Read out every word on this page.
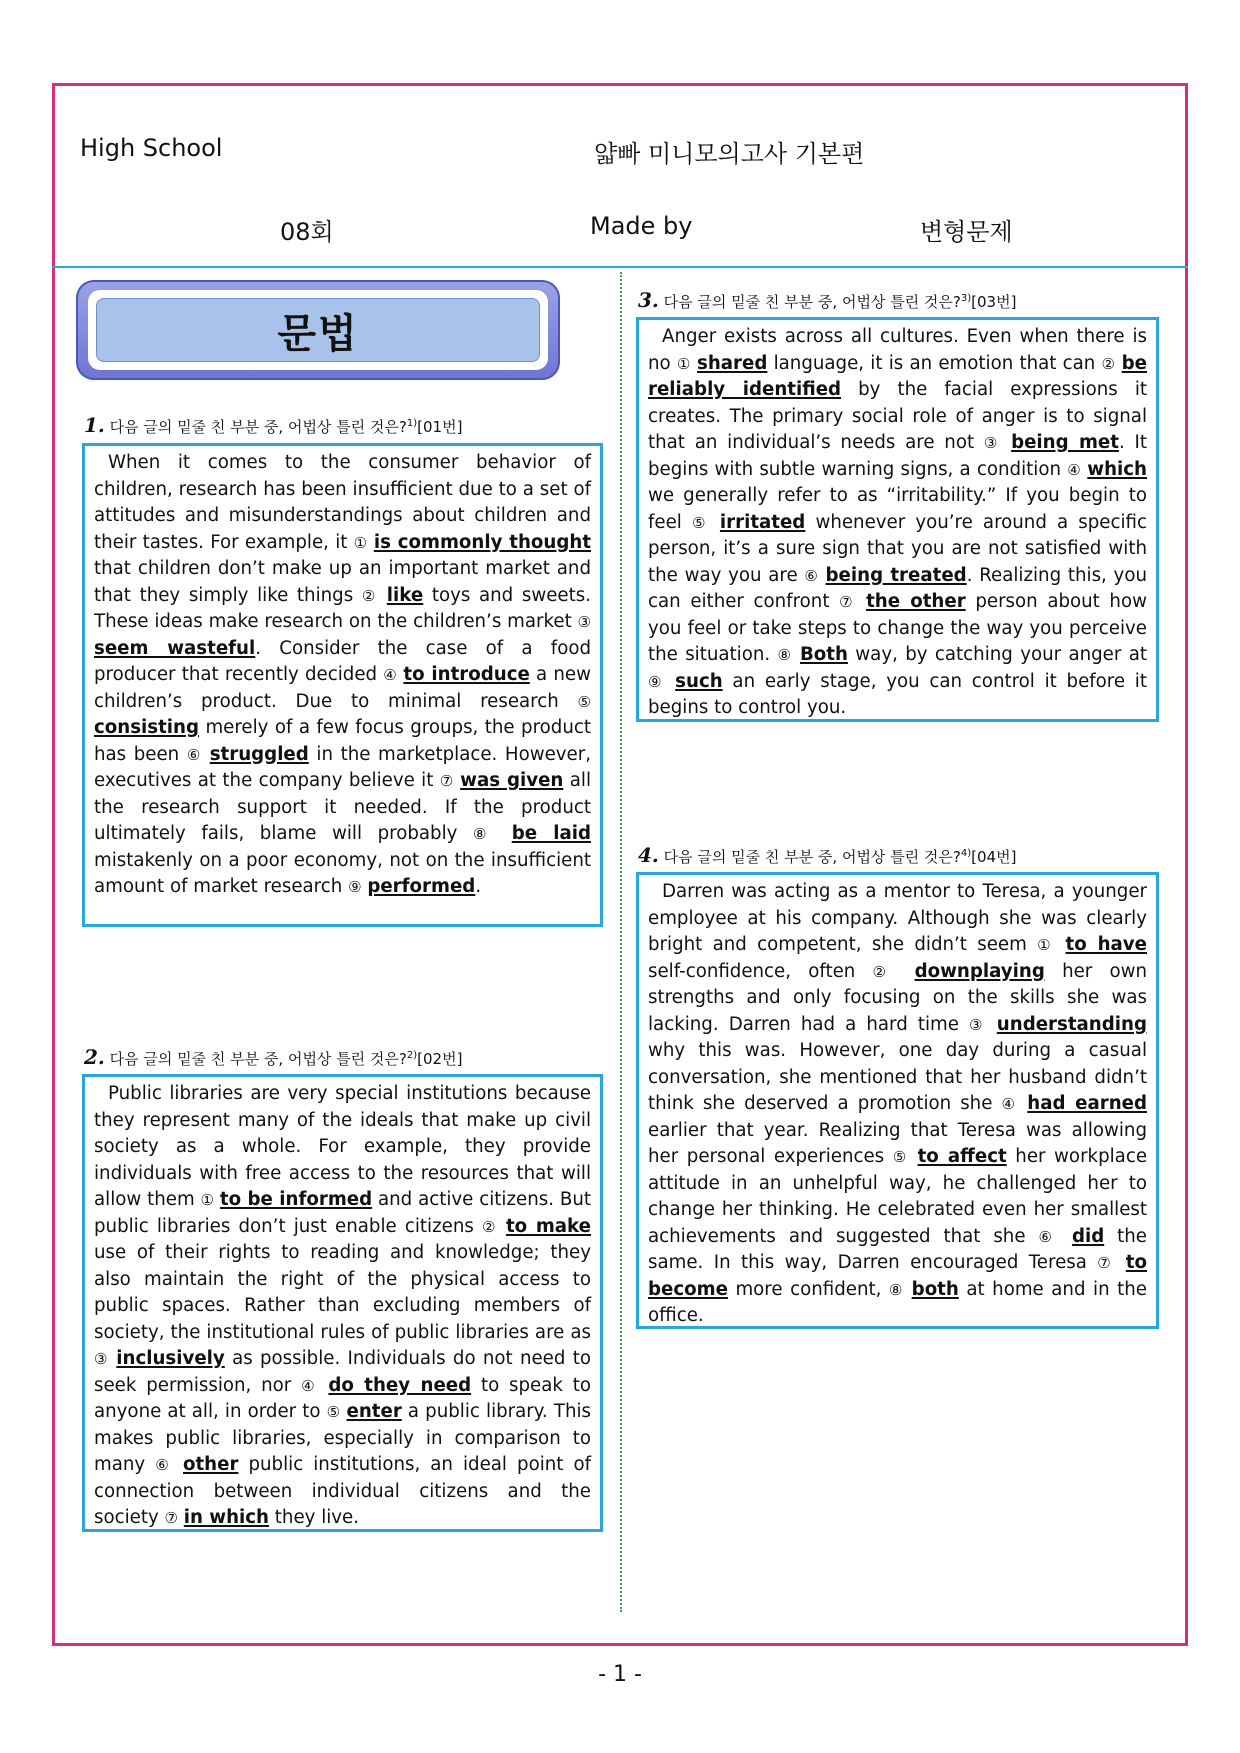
High School	얇빠 미니모의고사 기본편
08회	Made by	변형문제
문법
1. 다음 글의 밑줄 친 부분 중, 어법상 틀린 것은?$^{1)}$[01번]
When it comes to the consumer behavior of children, research has been insufficient due to a set of attitudes and misunderstandings about children and their tastes. For example, it ① is commonly thought that children don’t make up an important market and that they simply like things ② like toys and sweets. These ideas make research on the children’s market ③ seem wasteful. Consider the case of a food producer that recently decided ④ to introduce a new children’s product. Due to minimal research ⑤ consisting merely of a few focus groups, the product has been ⑥ struggled in the marketplace. However, executives at the company believe it ⑦ was given all the research support it needed. If the product ultimately fails, blame will probably ⑧ be laid mistakenly on a poor economy, not on the insufficient amount of market research ⑨ performed.
2. 다음 글의 밑줄 친 부분 중, 어법상 틀린 것은?$^{2)}$[02번]
Public libraries are very special institutions because they represent many of the ideals that make up civil society as a whole. For example, they provide individuals with free access to the resources that will allow them ① to be informed and active citizens. But public libraries don’t just enable citizens ② to make use of their rights to reading and knowledge; they also maintain the right of the physical access to public spaces. Rather than excluding members of society, the institutional rules of public libraries are as ③ inclusively as possible. Individuals do not need to seek permission, nor ④ do they need to speak to anyone at all, in order to ⑤ enter a public library. This makes public libraries, especially in comparison to many ⑥ other public institutions, an ideal point of connection between individual citizens and the society ⑦ in which they live.
3. 다음 글의 밑줄 친 부분 중, 어법상 틀린 것은?$^{3)}$[03번]
Anger exists across all cultures. Even when there is no ① shared language, it is an emotion that can ② be reliably identified by the facial expressions it creates. The primary social role of anger is to signal that an individual’s needs are not ③ being met. It begins with subtle warning signs, a condition ④ which we generally refer to as “irritability.” If you begin to feel ⑤ irritated whenever you’re around a specific person, it’s a sure sign that you are not satisfied with the way you are ⑥ being treated. Realizing this, you can either confront ⑦ the other person about how you feel or take steps to change the way you perceive the situation. ⑧ Both way, by catching your anger at ⑨ such an early stage, you can control it before it begins to control you.
4. 다음 글의 밑줄 친 부분 중, 어법상 틀린 것은?$^{4)}$[04번]
Darren was acting as a mentor to Teresa, a younger employee at his company. Although she was clearly bright and competent, she didn’t seem ① to have self-confidence, often ② downplaying her own strengths and only focusing on the skills she was lacking. Darren had a hard time ③ understanding why this was. However, one day during a casual conversation, she mentioned that her husband didn’t think she deserved a promotion she ④ had earned earlier that year. Realizing that Teresa was allowing her personal experiences ⑤ to affect her workplace attitude in an unhelpful way, he challenged her to change her thinking. He celebrated even her smallest achievements and suggested that she ⑥ did the same. In this way, Darren encouraged Teresa ⑦ to become more confident, ⑧ both at home and in the office.
- 1 -
